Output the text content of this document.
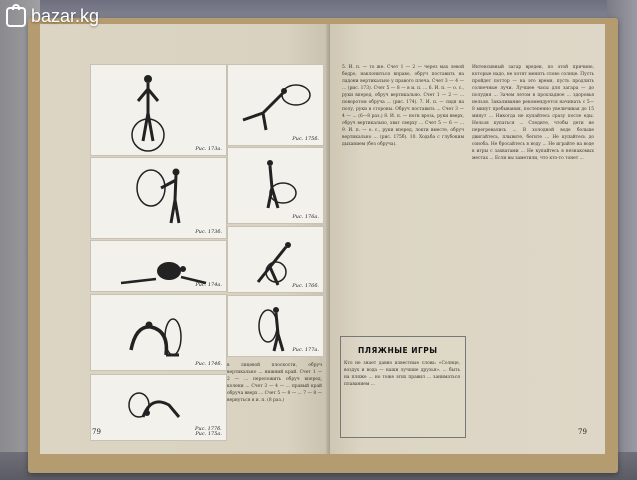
Рис. 173a.
Рис. 173б.
Рис. 174a.
Рис. 174б.
Рис. 175a.
Рис. 175б.
Рис. 176a.
Рис. 176б.
Рис. 177a.
в лицевой плоскости, обруч вертикально ... нижний край. Счет 1 — 2 — ... переложить обруч вперед, колени ... Счет 3 — 4 — ... правый край обруча вверх ... Счет 5 — 8 — ... 7 — 8 — вернуться в и. п. (8 раз.)
Рис. 177б.
79
5. И. п. — то же. Счет 1 — 2 — через мах левой бедро, наклониться вправо, обруч поставить на ладони вертикально у правого плеча. Счет 3 — 4 — ... (рис. 173). Счет 5 — 8 — в и. п. ... 6. И. п. — о. с., руки вперед, обруч вертикально. Счет 1 — 2 — ... поворотом обруча ... (рис. 174). 7. И. п. — сидя на полу, руки в стороны. Обруч поставить ... Счет 3 — 4 — ... (6—8 раз.) 8. И. п. — ноги врозь, руки вверх, обруч вертикально, хват сверху ... Счет 5 — 6 — ... 9. И. п. — о. с., руки вперед, локти вместе, обруч вертикально ... (рис. 175б). 10. Ходьба с глубоким дыханием (без обруча).
ПЛЯЖНЫЕ ИГРЫ
Кто не знает давно известные слова: «Солнце, воздух и вода — наши лучшие друзья». ... быть на пляже ... но тоже этих правил ... заниматься плаванием ...
Интенсивный загар вреден, по этой причине, которые надо, не хотят менять слово солнце. Пусть пройдет поттор — на это время, пусть продлить солнечные лучи. Лучшее часы для загара — до полудня ... Зачем летом в прохладное ... здоровья нельзя. Закаливание рекомендуется начинать с 5—8 минут пребывания, постепенно увеличивая до 15 минут ... Никогда не купайтесь сразу после еды. Нельзя купаться ... Следите, чтобы дети не перегревались ... В холодной воде больше двигайтесь, плывите, бегите ... Не купайтесь до озноба. Не бросайтесь в воду ... Не играйте на воде в игры с захватами ... Не купайтесь в незнакомых местах ... Если вы заметили, что кто-то тонет ...
79
bazar.kg
